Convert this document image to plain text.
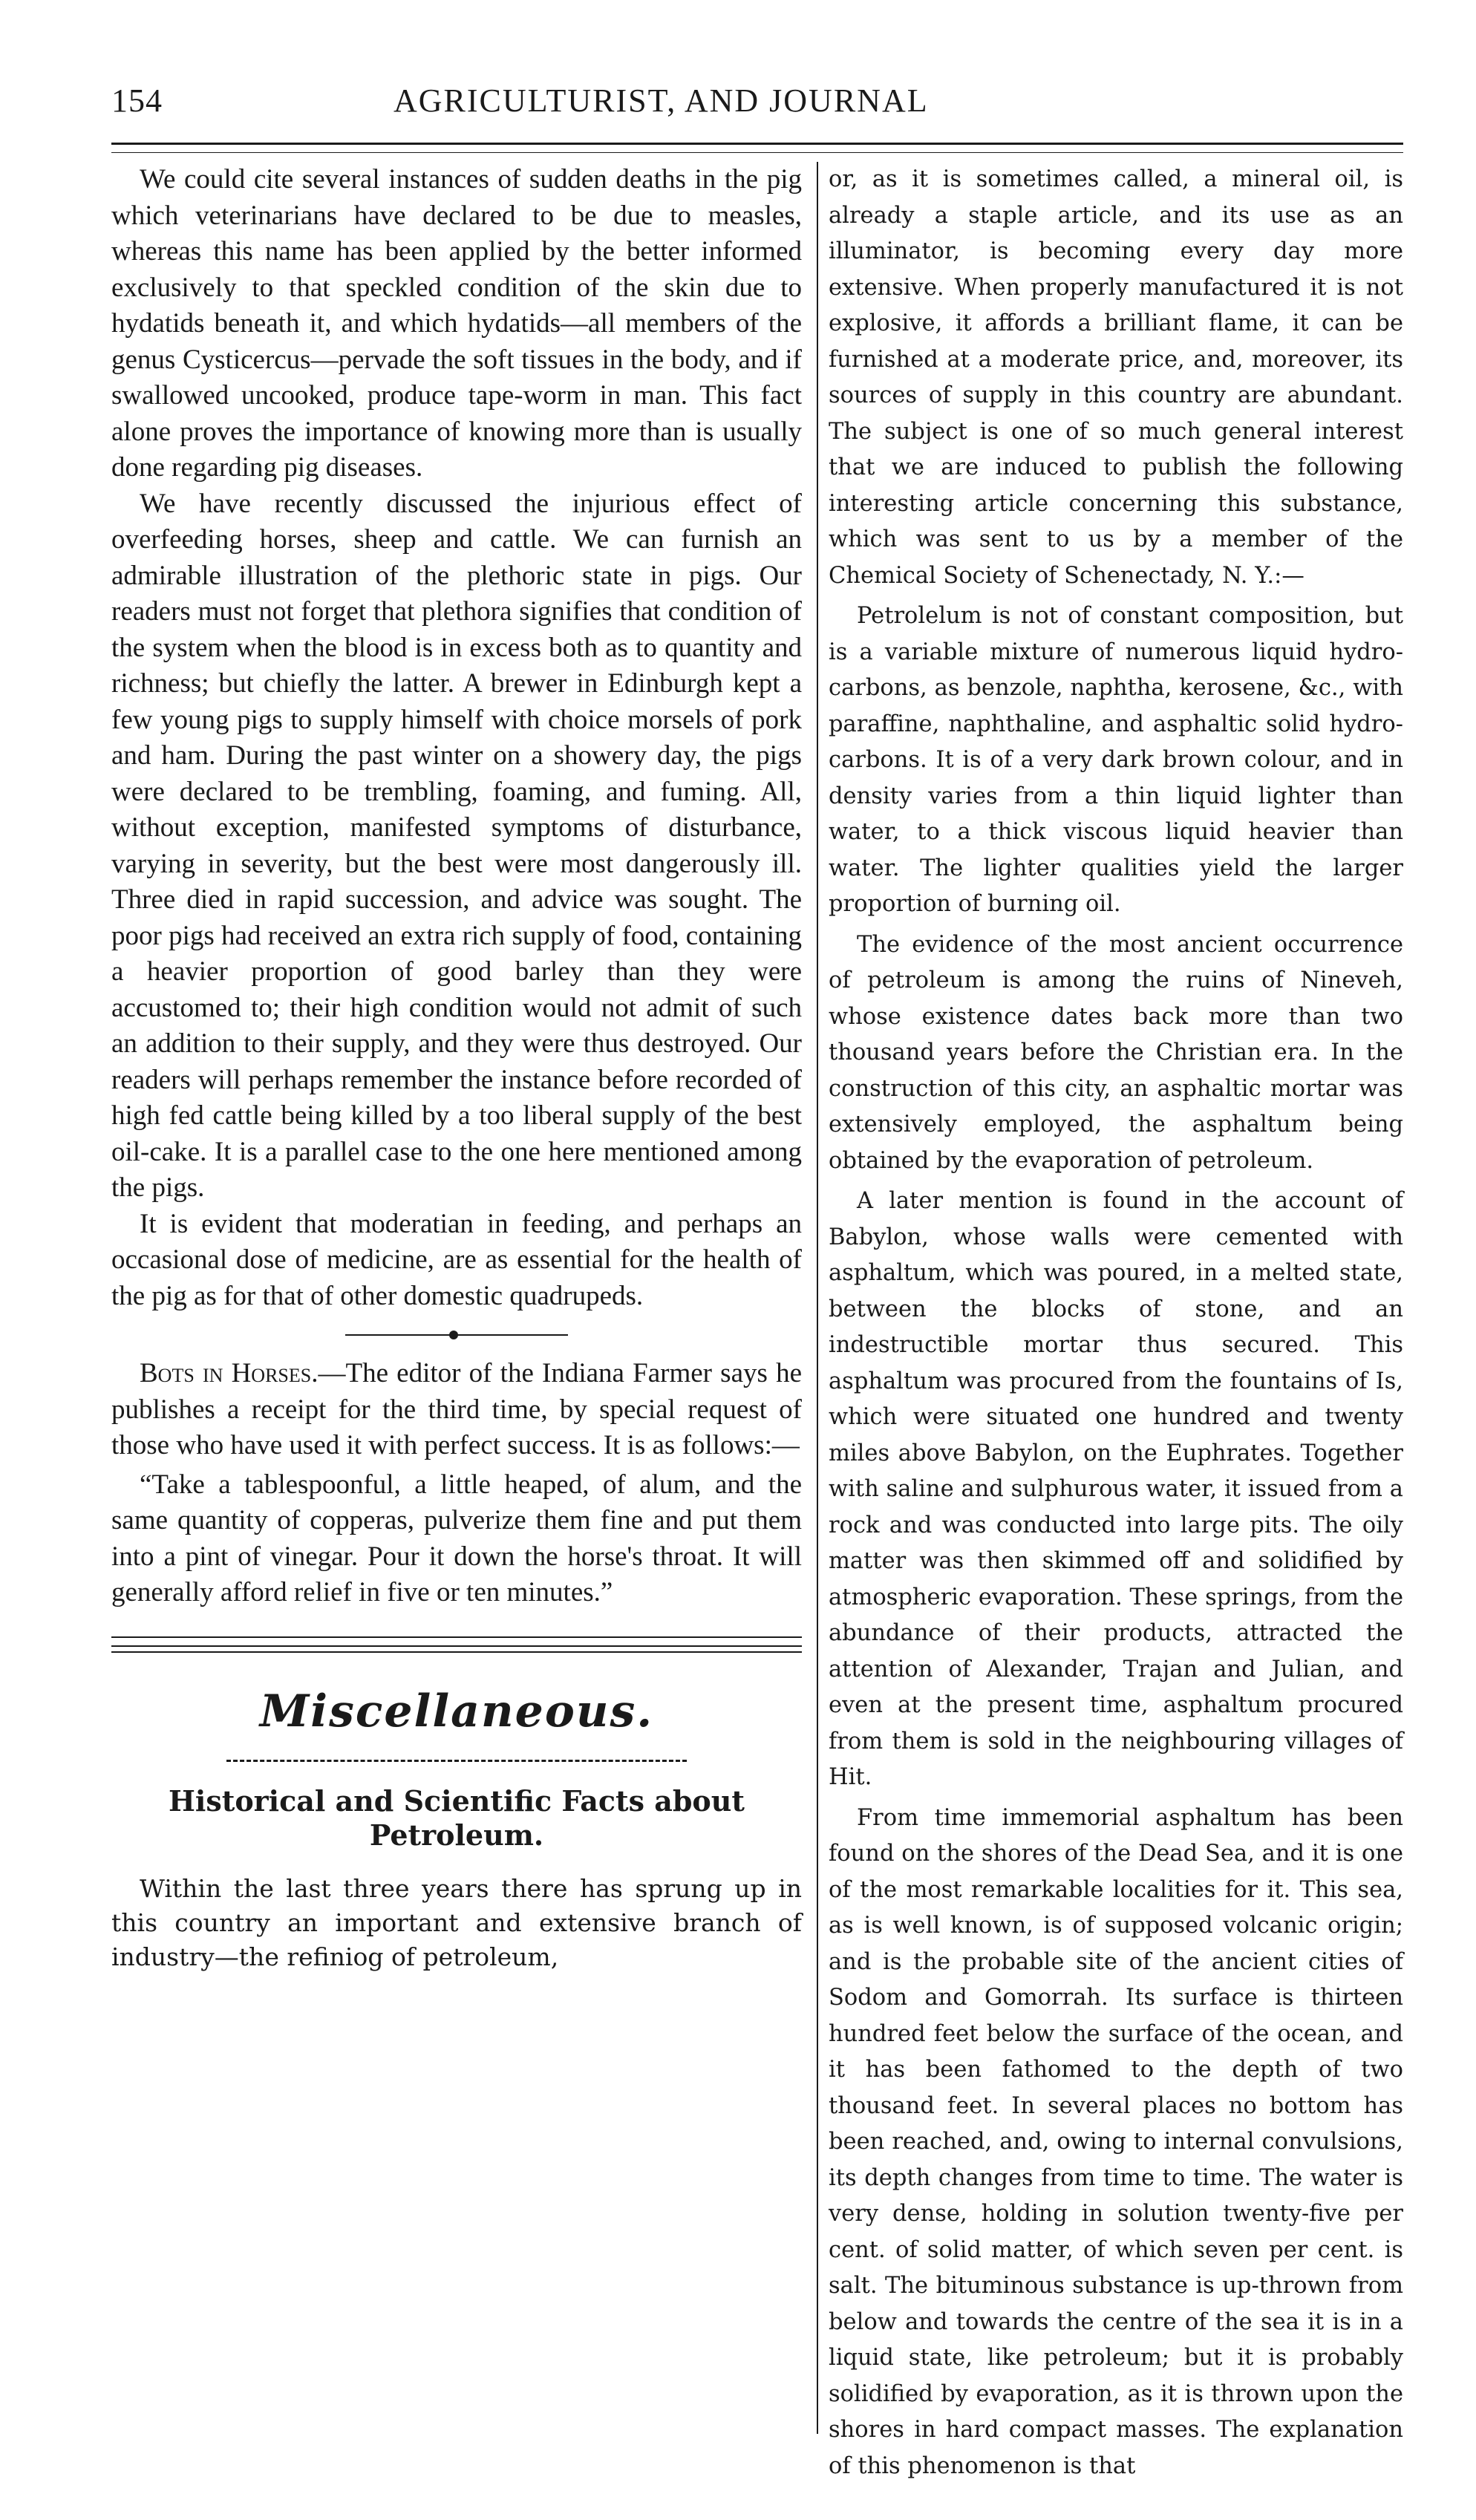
154	AGRICULTURIST, AND JOURNAL

We could cite several instances of sudden deaths in the pig which veterinarians have declared to be due to measles, whereas this name has been applied by the better informed exclusively to that speckled condition of the skin due to hydatids beneath it, and which hydatids—all members of the genus Cysticercus—pervade the soft tissues in the body, and if swallowed uncooked, produce tape-worm in man. This fact alone proves the importance of knowing more than is usually done regarding pig diseases.

We have recently discussed the injurious effect of overfeeding horses, sheep and cattle. We can furnish an admirable illustration of the plethoric state in pigs. Our readers must not forget that plethora signifies that condition of the system when the blood is in excess both as to quantity and richness; but chiefly the latter. A brewer in Edinburgh kept a few young pigs to supply himself with choice morsels of pork and ham. During the past winter on a showery day, the pigs were declared to be trembling, foaming, and fuming. All, without exception, manifested symptoms of disturbance, varying in severity, but the best were most dangerously ill. Three died in rapid succession, and advice was sought. The poor pigs had received an extra rich supply of food, containing a heavier proportion of good barley than they were accustomed to; their high condition would not admit of such an addition to their supply, and they were thus destroyed. Our readers will perhaps remember the instance before recorded of high fed cattle being killed by a too liberal supply of the best oil-cake. It is a parallel case to the one here mentioned among the pigs.

It is evident that moderatian in feeding, and perhaps an occasional dose of medicine, are as essential for the health of the pig as for that of other domestic quadrupeds.

Bots in Horses.—The editor of the Indiana Farmer says he publishes a receipt for the third time, by special request of those who have used it with perfect success. It is as follows:—

“Take a tablespoonful, a little heaped, of alum, and the same quantity of copperas, pulverize them fine and put them into a pint of vinegar. Pour it down the horse's throat. It will generally afford relief in five or ten minutes.”

Miscellaneous.
Historical and Scientific Facts about Petroleum.

Within the last three years there has sprung up in this country an important and extensive branch of industry—the refiniog of petroleum,

or, as it is sometimes called, a mineral oil, is already a staple article, and its use as an illuminator, is becoming every day more extensive. When properly manufactured it is not explosive, it affords a brilliant flame, it can be furnished at a moderate price, and, moreover, its sources of supply in this country are abundant. The subject is one of so much general interest that we are induced to publish the following interesting article concerning this substance, which was sent to us by a member of the Chemical Society of Schenectady, N. Y.:—

Petrolelum is not of constant composition, but is a variable mixture of numerous liquid hydro-carbons, as benzole, naphtha, kerosene, &c., with paraffine, naphthaline, and asphaltic solid hydro-carbons. It is of a very dark brown colour, and in density varies from a thin liquid lighter than water, to a thick viscous liquid heavier than water. The lighter qualities yield the larger proportion of burning oil.

The evidence of the most ancient occurrence of petroleum is among the ruins of Nineveh, whose existence dates back more than two thousand years before the Christian era. In the construction of this city, an asphaltic mortar was extensively employed, the asphaltum being obtained by the evaporation of petroleum.

A later mention is found in the account of Babylon, whose walls were cemented with asphaltum, which was poured, in a melted state, between the blocks of stone, and an indestructible mortar thus secured. This asphaltum was procured from the fountains of Is, which were situated one hundred and twenty miles above Babylon, on the Euphrates. Together with saline and sulphurous water, it issued from a rock and was conducted into large pits. The oily matter was then skimmed off and solidified by atmospheric evaporation. These springs, from the abundance of their products, attracted the attention of Alexander, Trajan and Julian, and even at the present time, asphaltum procured from them is sold in the neighbouring villages of Hit.

From time immemorial asphaltum has been found on the shores of the Dead Sea, and it is one of the most remarkable localities for it. This sea, as is well known, is of supposed volcanic origin; and is the probable site of the ancient cities of Sodom and Gomorrah. Its surface is thirteen hundred feet below the surface of the ocean, and it has been fathomed to the depth of two thousand feet. In several places no bottom has been reached, and, owing to internal convulsions, its depth changes from time to time. The water is very dense, holding in solution twenty-five per cent. of solid matter, of which seven per cent. is salt. The bituminous substance is up-thrown from below and towards the centre of the sea it is in a liquid state, like petroleum; but it is probably solidified by evaporation, as it is thrown upon the shores in hard compact masses. The explanation of this phenomenon is that
